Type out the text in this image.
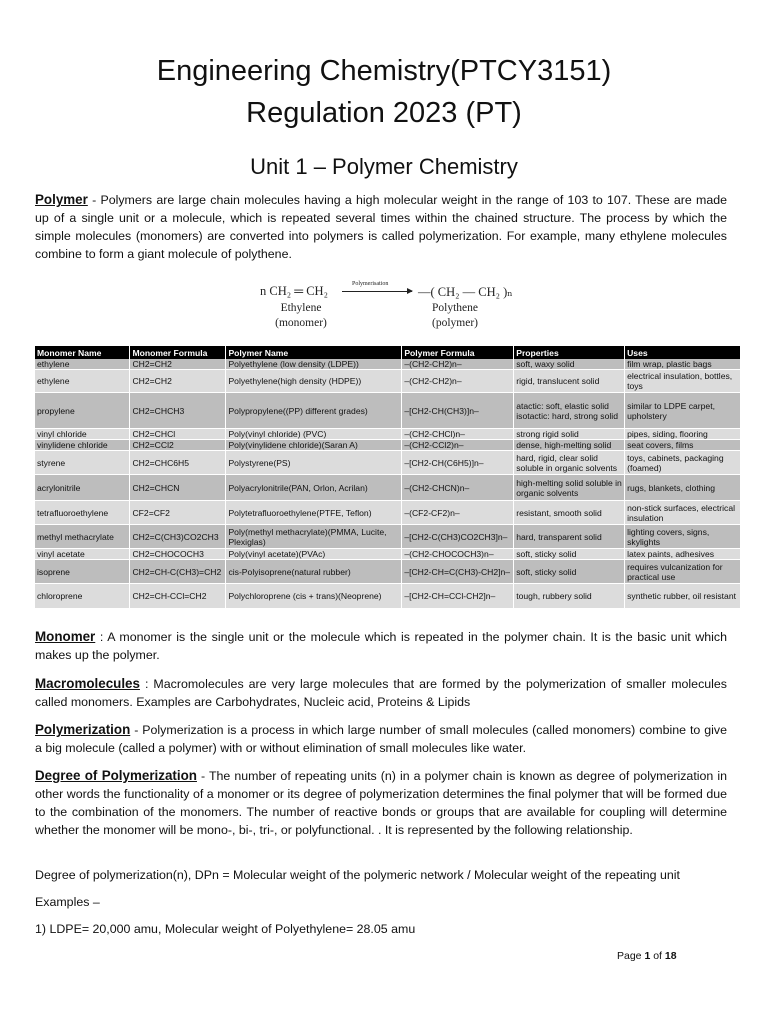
Engineering Chemistry(PTCY3151)
Regulation 2023 (PT)
Unit 1 – Polymer Chemistry
Polymer - Polymers are large chain molecules having a high molecular weight in the range of 103 to 107. These are made up of a single unit or a molecule, which is repeated several times within the chained structure. The process by which the simple molecules (monomers) are converted into polymers is called polymerization. For example, many ethylene molecules combine to form a giant molecule of polythene.
n CH₂ ═ CH₂	Polymerisation
—( CH₂ — CH₂ )ₙ
Ethylene
(monomer)
Polythene
(polymer)
Monomer Name	Monomer Formula	Polymer Name	Polymer Formula	Properties	Uses
ethylene	CH2=CH2	Polyethylene (low density (LDPE))	–(CH2-CH2)n–	soft, waxy solid	film wrap, plastic bags
ethylene	CH2=CH2	Polyethylene(high density (HDPE))	–(CH2-CH2)n–	rigid, translucent solid	electrical insulation, bottles, toys
propylene	CH2=CHCH3	Polypropylene((PP) different grades)	–[CH2-CH(CH3)]n–	atactic: soft, elastic solid isotactic: hard, strong solid	similar to LDPE carpet, upholstery
vinyl chloride	CH2=CHCl	Poly(vinyl chloride) (PVC)	–(CH2-CHCl)n–	strong rigid solid	pipes, siding, flooring
vinylidene chloride	CH2=CCl2	Poly(vinylidene chloride)(Saran A)	–(CH2-CCl2)n–	dense, high-melting solid	seat covers, films
styrene	CH2=CHC6H5	Polystyrene(PS)	–[CH2-CH(C6H5)]n–	hard, rigid, clear solid soluble in organic solvents	toys, cabinets, packaging (foamed)
acrylonitrile	CH2=CHCN	Polyacrylonitrile(PAN, Orlon, Acrilan)	–(CH2-CHCN)n–	high-melting solid soluble in organic solvents	rugs, blankets, clothing
tetrafluoroethylene	CF2=CF2	Polytetrafluoroethylene(PTFE, Teflon)	–(CF2-CF2)n–	resistant, smooth solid	non-stick surfaces, electrical insulation
methyl methacrylate	CH2=C(CH3)CO2CH3	Poly(methyl methacrylate)(PMMA, Lucite, Plexiglas)	–[CH2-C(CH3)CO2CH3]n–	hard, transparent solid	lighting covers, signs, skylights
vinyl acetate	CH2=CHOCOCH3	Poly(vinyl acetate)(PVAc)	–(CH2-CHOCOCH3)n–	soft, sticky solid	latex paints, adhesives
isoprene	CH2=CH-C(CH3)=CH2	cis-Polyisoprene(natural rubber)	–[CH2-CH=C(CH3)-CH2]n–	soft, sticky solid	requires vulcanization for practical use
chloroprene	CH2=CH-CCl=CH2	Polychloroprene (cis + trans)(Neoprene)	–[CH2-CH=CCl-CH2]n–	tough, rubbery solid	synthetic rubber, oil resistant
Monomer : A monomer is the single unit or the molecule which is repeated in the polymer chain. It is the basic unit which makes up the polymer.
Macromolecules : Macromolecules are very large molecules that are formed by the polymerization of smaller molecules called monomers. Examples are Carbohydrates, Nucleic acid, Proteins & Lipids
Polymerization - Polymerization is a process in which large number of small molecules (called monomers) combine to give a big molecule (called a polymer) with or without elimination of small molecules like water.
Degree of Polymerization - The number of repeating units (n) in a polymer chain is known as degree of polymerization in other words the functionality of a monomer or its degree of polymerization determines the final polymer that will be formed due to the combination of the monomers. The number of reactive bonds or groups that are available for coupling will determine whether the monomer will be mono-, bi-, tri-, or polyfunctional. . It is represented by the following relationship.
Degree of polymerization(n), DPn = Molecular weight of the polymeric network / Molecular weight of the repeating unit
Examples –
1) LDPE= 20,000 amu, Molecular weight of Polyethylene= 28.05 amu
Page 1 of 18
